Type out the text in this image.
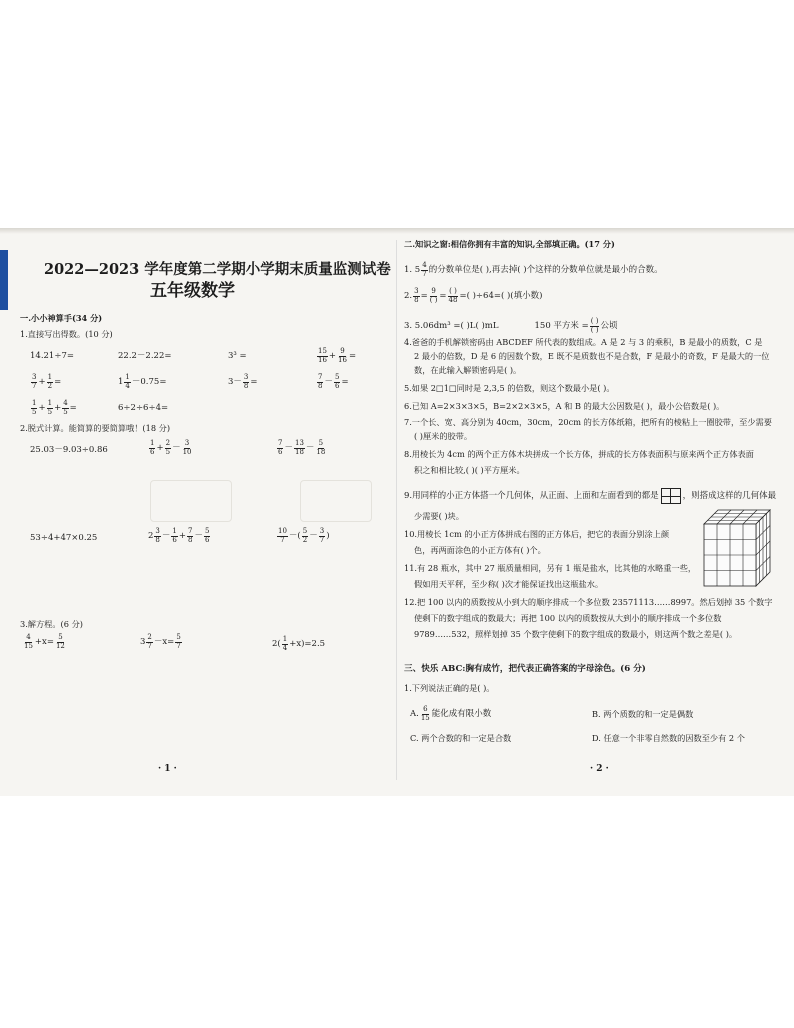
2022—2023 学年度第二学期小学期末质量监测试卷
五年级数学
一.小小神算手(34 分)
1.直接写出得数。(10 分)
14.21÷7=	22.2－2.22=	3³ =	$\frac{15}{16} + \frac{9}{16}$ =
$\frac{3}{7} + \frac{1}{2}$ =	$1 \frac{1}{4} -0.75=$	$3- \frac{3}{8}$ =	$\frac{7}{8} - \frac{5}{6}$ =
$\frac{1}{5} + \frac{1}{5} + \frac{4}{5}$ =	6÷2÷6÷4=
2.脱式计算。能简算的要简算哦！(18 分)
25.03－9.03÷0.86	$\frac{1}{6} + \frac{2}{5} - \frac{3}{10}$	$\frac{7}{6} - \frac{13}{18} - \frac{5}{18}$
53÷4+47×0.25	$2 \frac{3}{8} - \frac{1}{6} + \frac{7}{8} - \frac{5}{6}$	$\frac{10}{7}$ －( $\frac{5}{2} - \frac{3}{7}$ )
3.解方程。(6 分)
$\frac{4}{15} +x= \frac{5}{12}$	$3 \frac{2}{7} -x= \frac{5}{7}$	$2( \frac{1}{4} +x)=2.5$
· 1 ·
二.知识之窗:相信你拥有丰富的知识,全部填正确。(17 分)
1. $5 \frac{4}{7}$ 的分数单位是( ),再去掉( )个这样的分数单位就是最小的合数。
2. $\frac{3}{8} = \frac{9}{( )} = \frac{( )}{48}$ =( )÷64=( )(填小数)
3. 5.06dm³ =( )L( )mL	150 平方米 = $\frac{( )}{( )}$ 公顷
4.爸爸的手机解锁密码由 ABCDEF 所代表的数组成。A 是 2 与 3 的乘积，B 是最小的质数，C 是
2 最小的倍数，D 是 6 的因数个数，E 既不是质数也不是合数，F 是最小的奇数，F 是最大的一位
数，在此输入解锁密码是( )。
5.如果 2□1□同时是 2,3,5 的倍数，则这个数最小是( )。
6.已知 A=2×3×3×5，B=2×2×3×5，A 和 B 的最大公因数是( )，最小公倍数是( )。
7.一个长、宽、高分别为 40cm，30cm，20cm 的长方体纸箱，把所有的棱粘上一圈胶带，至少需要
( )厘米的胶带。
8.用棱长为 4cm 的两个正方体木块拼成一个长方体，拼成的长方体表面积与原来两个正方体表面
积之和相比较,( )( )平方厘米。
9.用同样的小正方体搭一个几何体，从正面、上面和左面看到的都是	，则搭成这样的几何体最
少需要( )块。
10.用棱长 1cm 的小正方体拼成右图的正方体后，把它的表面分别涂上颜
色，再两面涂色的小正方体有( )个。
11.有 28 瓶水，其中 27 瓶质量相同，另有 1 瓶是盐水，比其他的水略重一些，
假如用天平秤，至少称( )次才能保证找出这瓶盐水。
12.把 100 以内的质数按从小到大的顺序排成一个多位数 23571113……8997。然后划掉 35 个数字
使剩下的数字组成的数最大；再把 100 以内的质数按从大到小的顺序排成一个多位数
9789……532，照样划掉 35 个数字使剩下的数字组成的数最小，则这两个数之差是( )。
三、快乐 ABC:胸有成竹，把代表正确答案的字母涂色。(6 分)
1.下列说法正确的是( )。
A. $\frac{6}{15}$ 能化成有限小数	B. 两个质数的和一定是偶数
C. 两个合数的和一定是合数	D. 任意一个非零自然数的因数至少有 2 个
· 2 ·
